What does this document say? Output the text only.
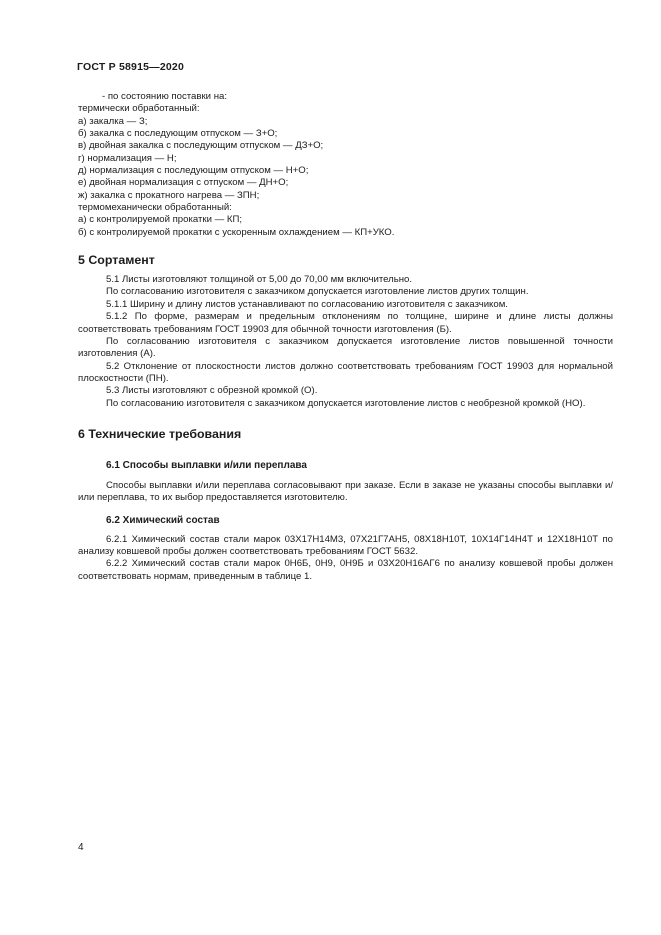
ГОСТ Р 58915—2020

- по состоянию поставки на:

термически обработанный:

а) закалка — З;

б) закалка с последующим отпуском — З+О;

в) двойная закалка с последующим отпуском — ДЗ+О;

г) нормализация — Н;

д) нормализация с последующим отпуском — Н+О;

е) двойная нормализация с отпуском — ДН+О;

ж) закалка с прокатного нагрева — ЗПН;

термомеханически обработанный:

а) с контролируемой прокатки — КП;

б) с контролируемой прокатки с ускоренным охлаждением — КП+УКО.

5 Сортамент

5.1 Листы изготовляют толщиной от 5,00 до 70,00 мм включительно.

По согласованию изготовителя с заказчиком допускается изготовление листов других толщин.

5.1.1 Ширину и длину листов устанавливают по согласованию изготовителя с заказчиком.

5.1.2 По форме, размерам и предельным отклонениям по толщине, ширине и длине листы должны соответствовать требованиям ГОСТ 19903 для обычной точности изготовления (Б).

По согласованию изготовителя с заказчиком допускается изготовление листов повышенной точности изготовления (А).

5.2 Отклонение от плоскостности листов должно соответствовать требованиям ГОСТ 19903 для нормальной плоскостности (ПН).

5.3 Листы изготовляют с обрезной кромкой (О).

По согласованию изготовителя с заказчиком допускается изготовление листов с необрезной кромкой (НО).

6 Технические требования
6.1 Способы выплавки и/или переплава

Способы выплавки и/или переплава согласовывают при заказе. Если в заказе не указаны способы выплавки и/или переплава, то их выбор предоставляется изготовителю.

6.2 Химический состав

6.2.1 Химический состав стали марок 03Х17Н14М3, 07Х21Г7АН5, 08Х18Н10Т, 10Х14Г14Н4Т и 12Х18Н10Т по анализу ковшевой пробы должен соответствовать требованиям ГОСТ 5632.

6.2.2 Химический состав стали марок 0Н6Б, 0Н9, 0Н9Б и 03Х20Н16АГ6 по анализу ковшевой пробы должен соответствовать нормам, приведенным в таблице 1.

4
